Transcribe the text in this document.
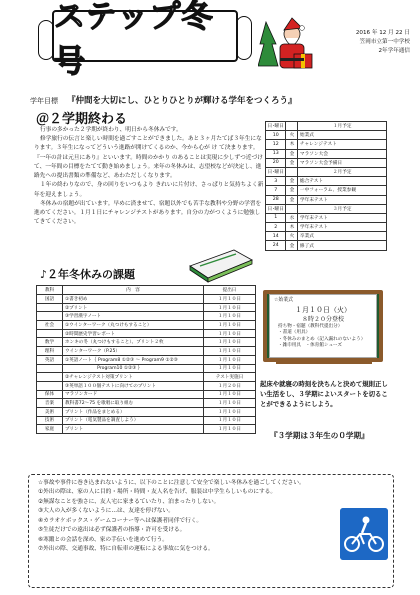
ステップ冬号
2016 年 12 月 22 日
笠岡市立第一中学校
2年学年通信
学年目標 『仲間を大切にし、ひとりひとりが輝ける学年をつくろう』
＠２学期終わる

行事の多かった２学期が終わり、明日から冬休みです。

修学旅行の伝言と楽しい時間を過ごすことができました。あと３ヶ月たてば３年生になります。３年生になってどういう進路が開けてくるのか、今から心が け て決まります。『一年の計は元旦にあり』といいます。時間のかかり のあることは実現に少しずつ近づけて、一年間の目標をたてて動き始めましょう。来年の冬休みは、志望校などが決定し、進路先への提出書類の準備など、あわただしくなります。

１年の終わりなので、身の回りをいつもより きれいに片付け、さっぱりと気持ちよく新年を迎えましょう。

冬休みの宿題が出ています。早めに済ませて、宿題以外でも苦手な教科や分野の学習を進めてください。１月１日にチャレンジテストがあります。自分の力がつくように勉強してきてください。

日･曜日		１月予定
10	火	始業式
12	木	チャレンジテスト
13	金	マラソン大会
20	金	マラソン大会予備日
日･曜日		２月予定
3	金	総合テスト
7	金	一中フォーラム、授業参観
28	金	学年末テスト
日･曜日		３月予定
1	水	学年末テスト
2	木	学年末テスト
14	火	卒業式
24	金	修了式
♪２年冬休みの課題
教科	内　容	提出日
国語	①書き初め	１月１０日
	②プリント	１月１０日
	③学習漢字ノート	１月１０日
社会	①ウインターワーク（丸つけもすること）	１月１０日
	②時間歴史学習レポート	１月１０日
数学	ホンキの冬（丸つけもすること）、プリント２枚	１月１０日
理科	ウインターワーク（P.25）	１月１０日
英語	①英語ノート｛ Program8 ①②③ ～ Program9 ①②③	１月１０日
	　　　　　　　Program10 ①②③ ｝	１月１０日
	②チャレンジテスト対策プリント	テスト実施日
	③英単語１００個テストに向けてのプリント	１月２０日
保体	マラソンカード	１月１０日
音楽	教科書72～75 を歌唱に取り組む	１月１０日
美術	プリント（作品をまとめる）	１月１０日
技術	プリント（電気製品を調査しよう）	１月１０日
家庭	プリント	１月１０日
☆始業式
１月１０日（火）
８時２０分登校
持ち物・宿題（教科代提出分）
・書道（用具）
・冬休みのまとめ（記入漏れのないよう）
・雑巾用具　・体育館シューズ
起床や就寝の時刻を決ちんと決めて規則正しい生活をし、３学期によいスタートを切ることができるようにしよう。
『３学期は３年生の０学期』
☆事故や事件に巻き込まれないように、以下のことに注意して安全で楽しい冬休みを過ごしてください。
①外出の際は、家の人に目的・場所・時間・友人名を告げ、服装は中学生らしいものにする。
②無謀なことを強さに、友人宅に家まるていたり、泊まったりしない。
③大人の入が多くないように…は、友達を停げない。
④カラオケボックス・ゲームコーナー等へは保護者同伴で行く。
⑤生徒だけでの遠出は必ず保護者の指導・許可を受ける。
⑥寒鍛との会話を深め、家の手伝いを進めて行う。
⑦外出の際、交通事故、特に自転車の運転による事故に気をつける。
